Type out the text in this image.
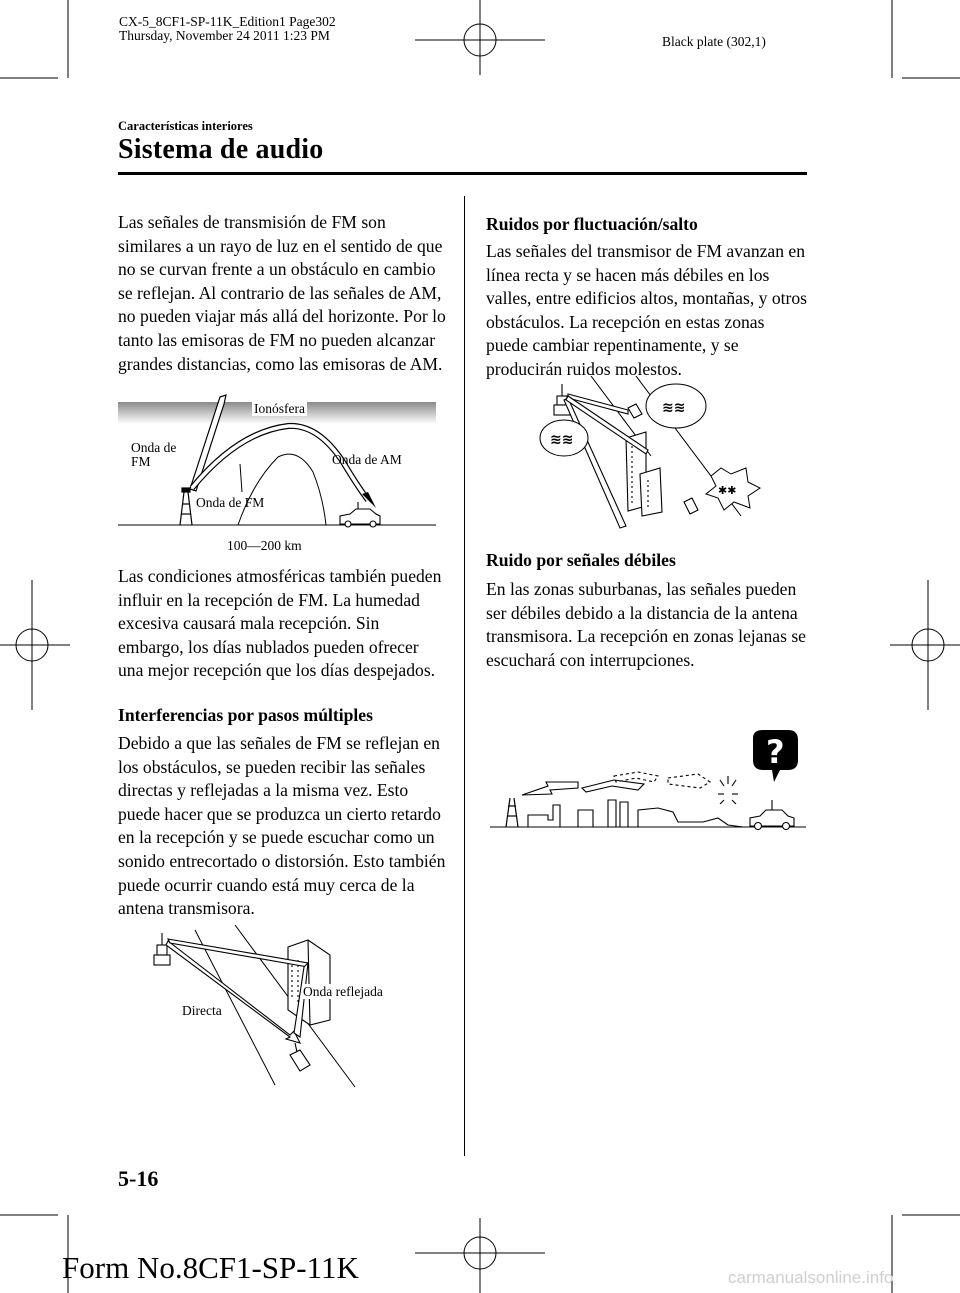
CX-5_8CF1-SP-11K_Edition1 Page302
Thursday, November 24 2011 1:23 PM	Black plate (302,1)
Características interiores
Sistema de audio
Las señales de transmisión de FM son similares a un rayo de luz en el sentido de que no se curvan frente a un obstáculo en cambio se reflejan. Al contrario de las señales de AM, no pueden viajar más allá del horizonte. Por lo tanto las emisoras de FM no pueden alcanzar grandes distancias, como las emisoras de AM.
Ionósfera
Onda de
FM	Onda de AM
Onda de FM
100—200 km
Las condiciones atmosféricas también pueden influir en la recepción de FM. La humedad excesiva causará mala recepción. Sin embargo, los días nublados pueden ofrecer una mejor recepción que los días despejados.
Interferencias por pasos múltiples
Debido a que las señales de FM se reflejan en los obstáculos, se pueden recibir las señales directas y reflejadas a la misma vez. Esto puede hacer que se produzca un cierto retardo en la recepción y se puede escuchar como un sonido entrecortado o distorsión. Esto también puede ocurrir cuando está muy cerca de la antena transmisora.
Directa
Onda reflejada
Ruidos por fluctuación/salto
Las señales del transmisor de FM avanzan en línea recta y se hacen más débiles en los valles, entre edificios altos, montañas, y otros obstáculos. La recepción en estas zonas puede cambiar repentinamente, y se producirán ruidos molestos.
≋≋
≋≋
✱✱
Ruido por señales débiles
En las zonas suburbanas, las señales pueden ser débiles debido a la distancia de la antena transmisora. La recepción en zonas lejanas se escuchará con interrupciones.
?
5-16
Form No.8CF1-SP-11K	carmanualsonline.info
